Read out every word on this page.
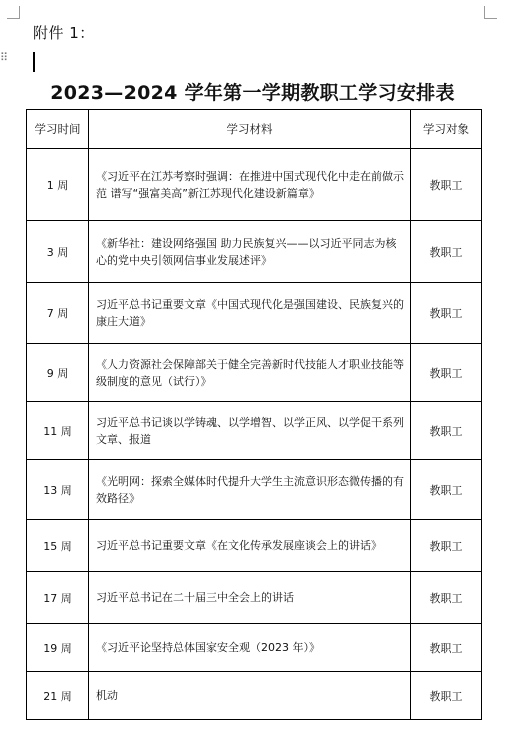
附件 1：
⠿
2023—2024 学年第一学期教职工学习安排表
学习时间	学习材料	学习对象
1 周	《习近平在江苏考察时强调：在推进中国式现代化中走在前做示范 谱写“强富美高”新江苏现代化建设新篇章》	教职工
3 周	《新华社：建设网络强国 助力民族复兴——以习近平同志为核心的党中央引领网信事业发展述评》	教职工
7 周	习近平总书记重要文章《中国式现代化是强国建设、民族复兴的康庄大道》	教职工
9 周	《人力资源社会保障部关于健全完善新时代技能人才职业技能等级制度的意见（试行）》	教职工
11 周	习近平总书记谈以学铸魂、以学增智、以学正风、以学促干系列文章、报道	教职工
13 周	《光明网：探索全媒体时代提升大学生主流意识形态微传播的有效路径》	教职工
15 周	习近平总书记重要文章《在文化传承发展座谈会上的讲话》	教职工
17 周	习近平总书记在二十届三中全会上的讲话	教职工
19 周	《习近平论坚持总体国家安全观（2023 年）》	教职工
21 周	机动	教职工
